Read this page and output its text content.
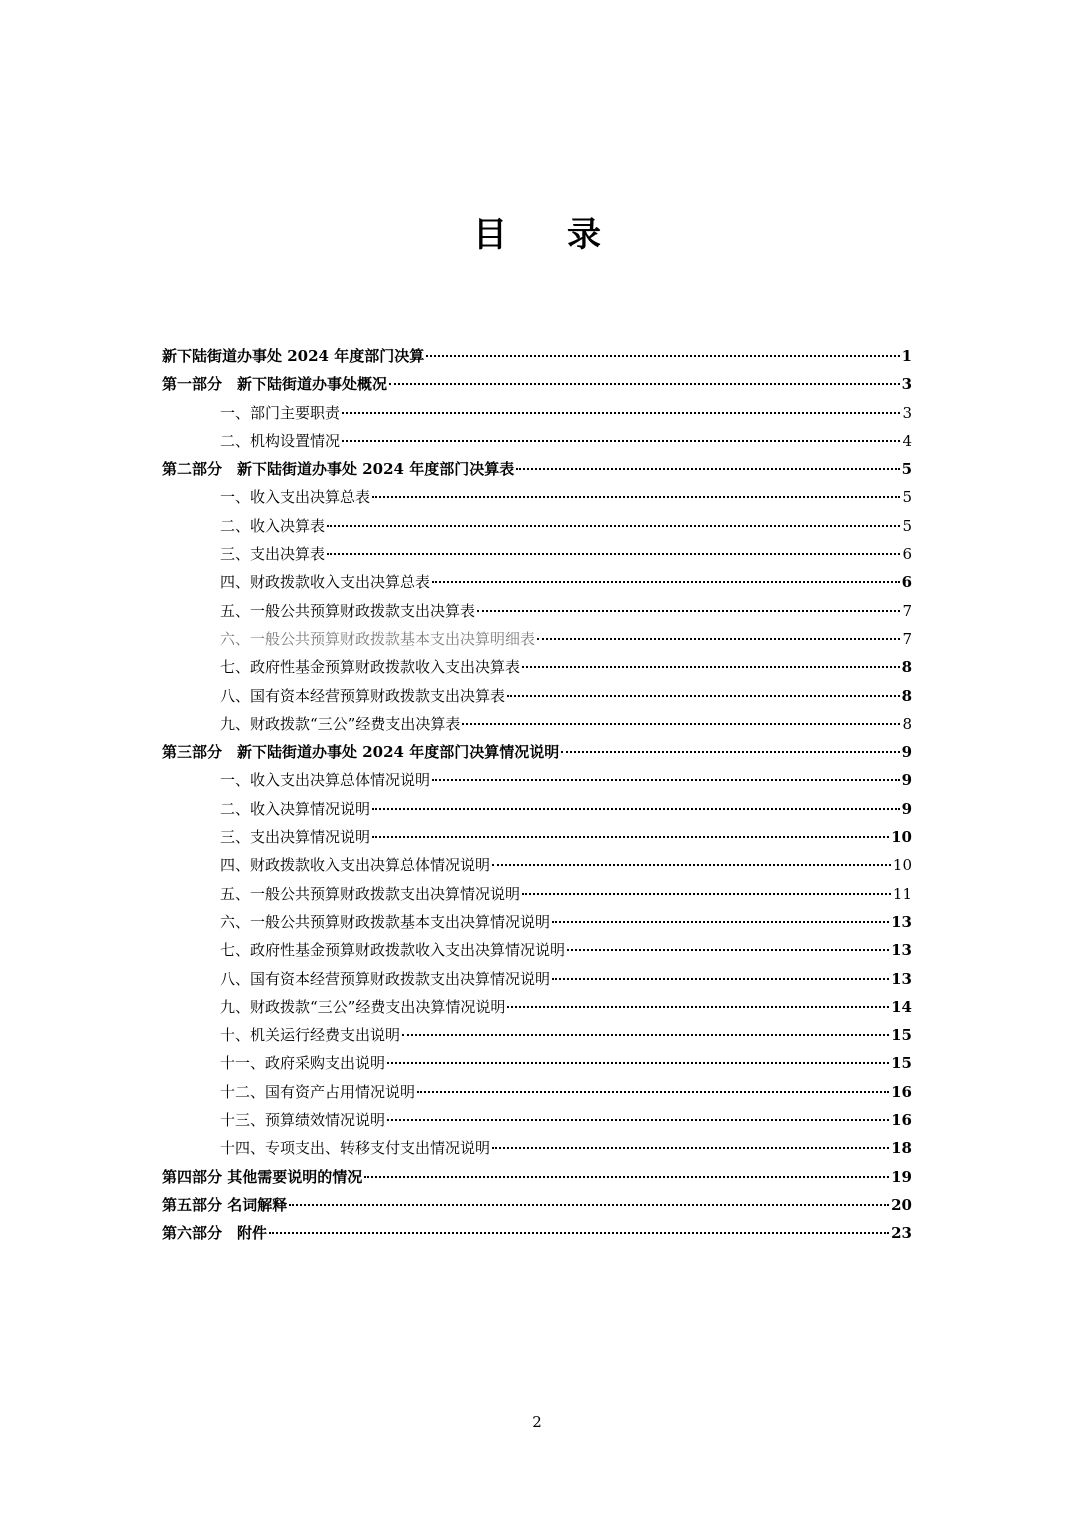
目录
新下陆街道办事处 2024 年度部门决算	1
第一部分　新下陆街道办事处概况	3
一、部门主要职责	3
二、机构设置情况	4
第二部分　新下陆街道办事处 2024 年度部门决算表	5
一、收入支出决算总表	5
二、收入决算表	5
三、支出决算表	6
四、财政拨款收入支出决算总表	6
五、一般公共预算财政拨款支出决算表	7
六、一般公共预算财政拨款基本支出决算明细表	7
七、政府性基金预算财政拨款收入支出决算表	8
八、国有资本经营预算财政拨款支出决算表	8
九、财政拨款“三公”经费支出决算表	8
第三部分　新下陆街道办事处 2024 年度部门决算情况说明	9
一、收入支出决算总体情况说明	9
二、收入决算情况说明	9
三、支出决算情况说明	10
四、财政拨款收入支出决算总体情况说明	10
五、一般公共预算财政拨款支出决算情况说明	11
六、一般公共预算财政拨款基本支出决算情况说明	13
七、政府性基金预算财政拨款收入支出决算情况说明	13
八、国有资本经营预算财政拨款支出决算情况说明	13
九、财政拨款“三公”经费支出决算情况说明	14
十、机关运行经费支出说明	15
十一、政府采购支出说明	15
十二、国有资产占用情况说明	16
十三、预算绩效情况说明	16
十四、专项支出、转移支付支出情况说明	18
第四部分 其他需要说明的情况	19
第五部分 名词解释	20
第六部分　附件	23
2
